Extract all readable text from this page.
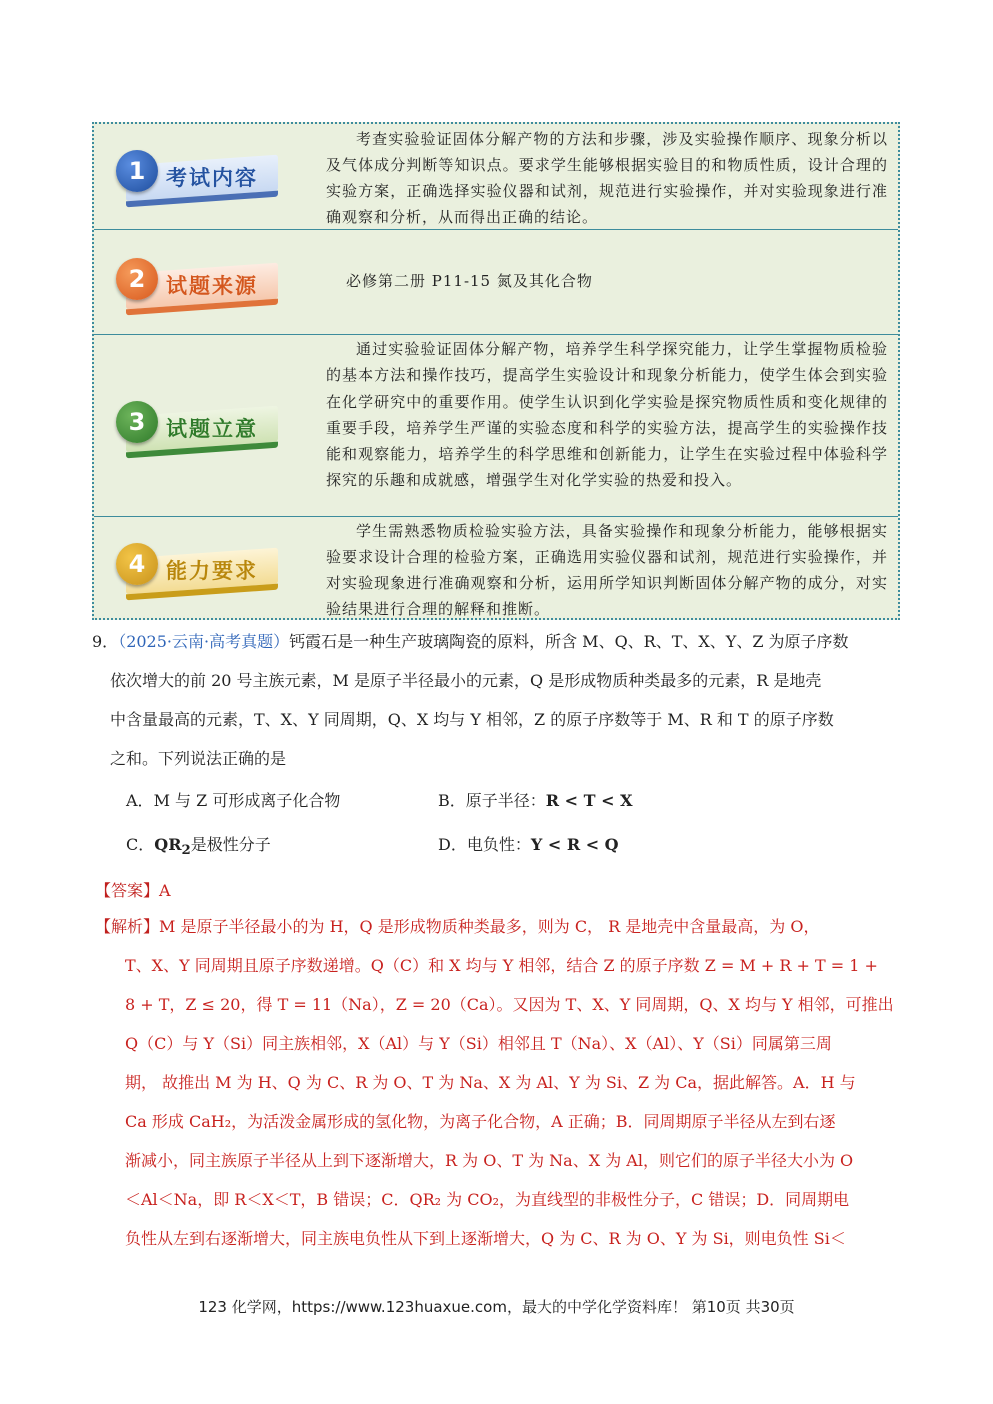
1 考试内容
考查实验验证固体分解产物的方法和步骤，涉及实验操作顺序、现象分析以及气体成分判断等知识点。要求学生能够根据实验目的和物质性质，设计合理的实验方案，正确选择实验仪器和试剂，规范进行实验操作，并对实验现象进行准确观察和分析，从而得出正确的结论。
2 试题来源	必修第二册 P11-15 氮及其化合物
3 试题立意
通过实验验证固体分解产物，培养学生科学探究能力，让学生掌握物质检验的基本方法和操作技巧，提高学生实验设计和现象分析能力，使学生体会到实验在化学研究中的重要作用。使学生认识到化学实验是探究物质性质和变化规律的重要手段，培养学生严谨的实验态度和科学的实验方法，提高学生的实验操作技能和观察能力，培养学生的科学思维和创新能力，让学生在实验过程中体验科学探究的乐趣和成就感，增强学生对化学实验的热爱和投入。
4 能力要求
学生需熟悉物质检验实验方法，具备实验操作和现象分析能力，能够根据实验要求设计合理的检验方案，正确选用实验仪器和试剂，规范进行实验操作，并对实验现象进行准确观察和分析，运用所学知识判断固体分解产物的成分，对实验结果进行合理的解释和推断。
9．（2025·云南·高考真题）钙霞石是一种生产玻璃陶瓷的原料，所含 M、Q、R、T、X、Y、Z 为原子序数
依次增大的前 20 号主族元素，M 是原子半径最小的元素，Q 是形成物质种类最多的元素，R 是地壳
中含量最高的元素，T、X、Y 同周期，Q、X 均与 Y 相邻，Z 的原子序数等于 M、R 和 T 的原子序数
之和。下列说法正确的是
A．M 与 Z 可形成离子化合物	B．原子半径：R < T < X
C．$QR_2$是极性分子	D．电负性：Y < R < Q
【答案】A
【解析】M 是原子半径最小的为 H，Q 是形成物质种类最多，则为 C， R 是地壳中含量最高，为 O，
T、X、Y 同周期且原子序数递增。Q（C）和 X 均与 Y 相邻，结合 Z 的原子序数 Z = M + R + T = 1 +
8 + T，Z ≤ 20，得 T = 11（Na），Z = 20（Ca）。又因为 T、X、Y 同周期，Q、X 均与 Y 相邻，可推出
Q（C）与 Y（Si）同主族相邻，X（Al）与 Y（Si）相邻且 T（Na）、X（Al）、Y（Si）同属第三周
期， 故推出 M 为 H、Q 为 C、R 为 O、T 为 Na、X 为 Al、Y 为 Si、Z 为 Ca，据此解答。A．H 与
Ca 形成 CaH₂，为活泼金属形成的氢化物，为离子化合物，A 正确；B．同周期原子半径从左到右逐
渐减小，同主族原子半径从上到下逐渐增大，R 为 O、T 为 Na、X 为 Al，则它们的原子半径大小为 O
＜Al＜Na，即 R＜X＜T，B 错误；C．QR₂ 为 CO₂，为直线型的非极性分子，C 错误；D．同周期电
负性从左到右逐渐增大，同主族电负性从下到上逐渐增大，Q 为 C、R 为 O、Y 为 Si，则电负性 Si＜
123 化学网，https://www.123huaxue.com，最大的中学化学资料库！ 第10页 共30页
